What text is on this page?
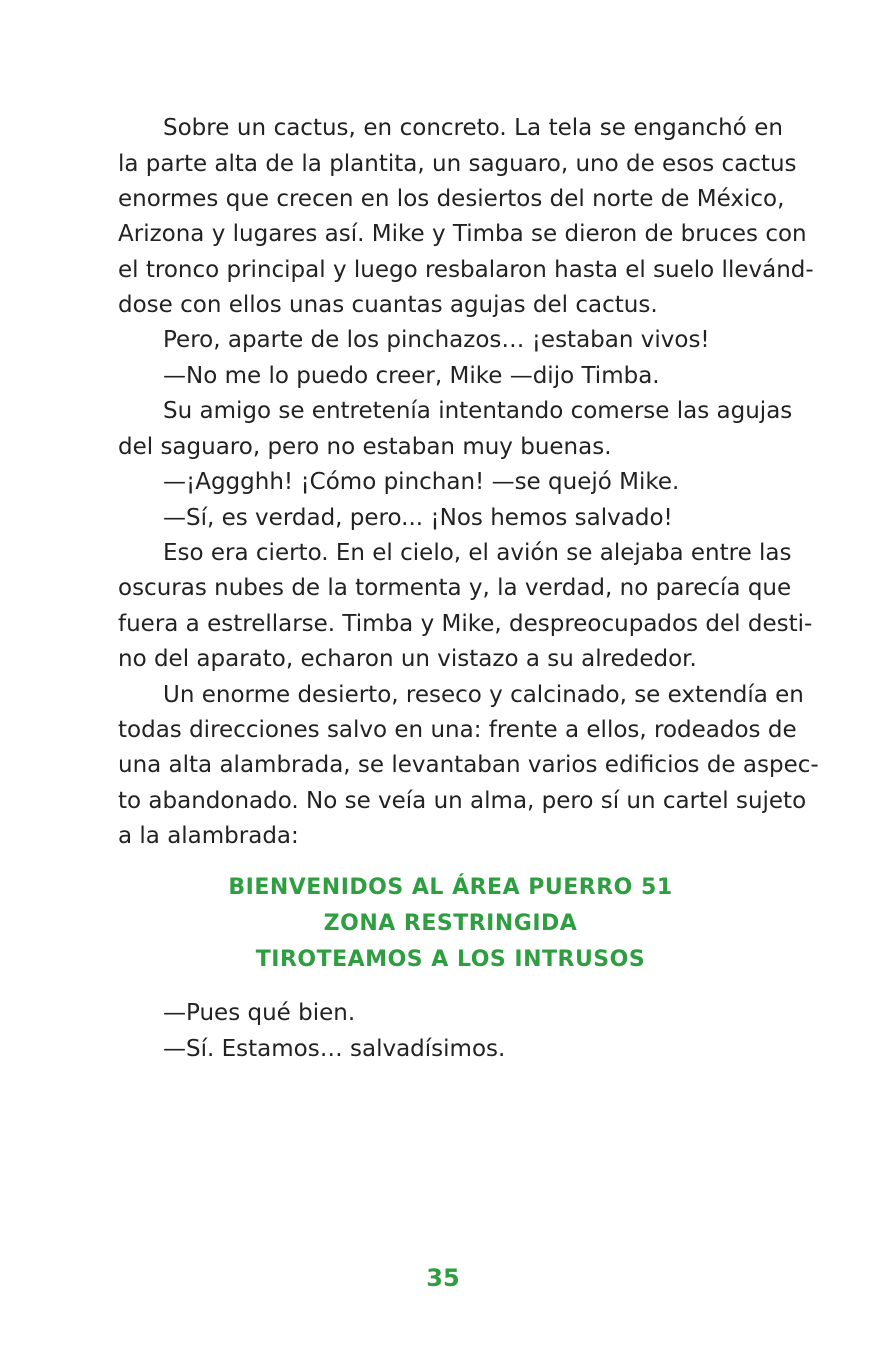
Sobre un cactus, en concreto. La tela se enganchó en
la parte alta de la plantita, un saguaro, uno de esos cactus
enormes que crecen en los desiertos del norte de México,
Arizona y lugares así. Mike y Timba se dieron de bruces con
el tronco principal y luego resbalaron hasta el suelo llevánd-
dose con ellos unas cuantas agujas del cactus.
Pero, aparte de los pinchazos… ¡estaban vivos!
—No me lo puedo creer, Mike —dijo Timba.
Su amigo se entretenía intentando comerse las agujas
del saguaro, pero no estaban muy buenas.
—¡Aggghh! ¡Cómo pinchan! —se quejó Mike.
—Sí, es verdad, pero... ¡Nos hemos salvado!
Eso era cierto. En el cielo, el avión se alejaba entre las
oscuras nubes de la tormenta y, la verdad, no parecía que
fuera a estrellarse. Timba y Mike, despreocupados del desti-
no del aparato, echaron un vistazo a su alrededor.
Un enorme desierto, reseco y calcinado, se extendía en
todas direcciones salvo en una: frente a ellos, rodeados de
una alta alambrada, se levantaban varios edificios de aspec-
to abandonado. No se veía un alma, pero sí un cartel sujeto
a la alambrada:
BIENVENIDOS AL ÁREA PUERRO 51
ZONA RESTRINGIDA
TIROTEAMOS A LOS INTRUSOS
—Pues qué bien.
—Sí. Estamos… salvadísimos.
35
